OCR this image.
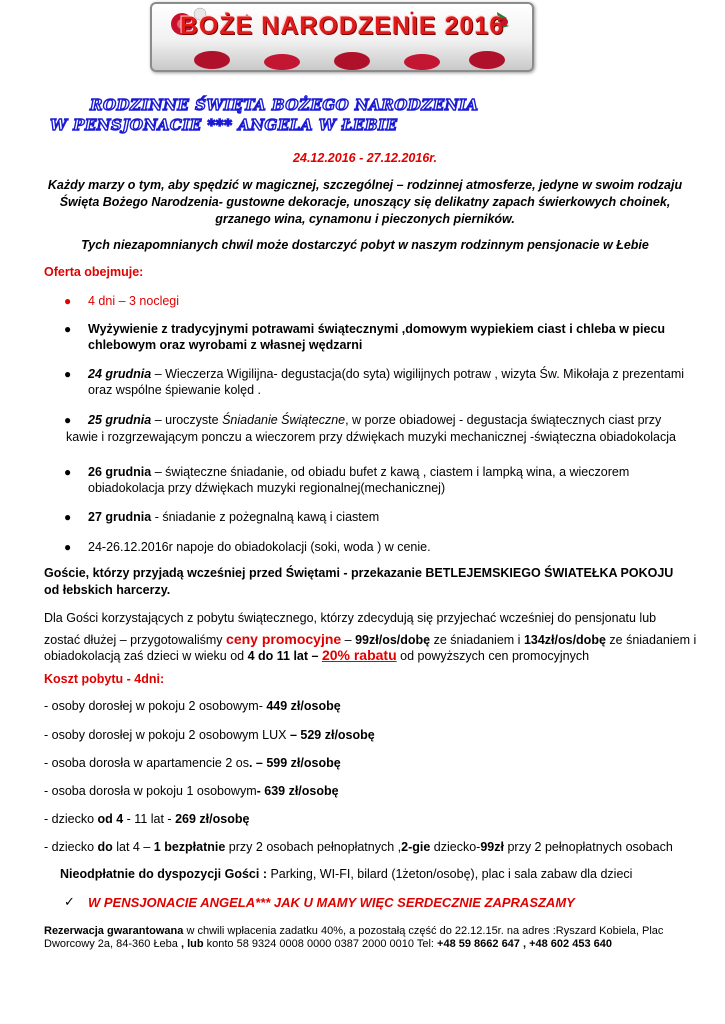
BOŻE NARODZENIE 2016
RODZINNE ŚWIĘTA BOŻEGO NARODZENIA
W PENSJONACIE *** ANGELA W ŁEBIE
24.12.2016 - 27.12.2016r.
Każdy marzy o tym, aby spędzić w magicznej, szczególnej – rodzinnej atmosferze, jedyne w swoim rodzaju
Święta Bożego Narodzenia- gustowne dekoracje, unoszący się delikatny zapach świerkowych choinek,
grzanego wina, cynamonu i pieczonych pierników.
Tych niezapomnianych chwil może dostarczyć pobyt w naszym rodzinnym pensjonacie w Łebie
Oferta obejmuje:
● 4 dni – 3 noclegi
● Wyżywienie z tradycyjnymi potrawami świątecznymi ,domowym wypiekiem ciast i chleba w piecu
chlebowym oraz wyrobami z własnej wędzarni
● 24 grudnia – Wieczerza Wigilijna- degustacja(do syta) wigilijnych potraw , wizyta Św. Mikołaja z prezentami
oraz wspólne śpiewanie kolęd .
● 25 grudnia – uroczyste Śniadanie Świąteczne, w porze obiadowej - degustacja świątecznych ciast przy
kawie i rozgrzewającym ponczu a wieczorem przy dźwiękach muzyki mechanicznej -świąteczna obiadokolacja
● 26 grudnia – świąteczne śniadanie, od obiadu bufet z kawą , ciastem i lampką wina, a wieczorem
obiadokolacja przy dźwiękach muzyki regionalnej(mechanicznej)
● 27 grudnia - śniadanie z pożegnalną kawą i ciastem
● 24-26.12.2016r napoje do obiadokolacji (soki, woda ) w cenie.
Goście, którzy przyjadą wcześniej przed Świętami - przekazanie BETLEJEMSKIEGO ŚWIATEŁKA POKOJU
od łebskich harcerzy.
Dla Gości korzystających z pobytu świątecznego, którzy zdecydują się przyjechać wcześniej do pensjonatu lub
zostać dłużej – przygotowaliśmy ceny promocyjne – 99zł/os/dobę ze śniadaniem i 134zł/os/dobę ze śniadaniem i
obiadokolacją zaś dzieci w wieku od 4 do 11 lat – 20% rabatu od powyższych cen promocyjnych
Koszt pobytu - 4dni:
- osoby dorosłej w pokoju 2 osobowym- 449 zł/osobę
- osoby dorosłej w pokoju 2 osobowym LUX – 529 zł/osobę
- osoba dorosła w apartamencie 2 os. – 599 zł/osobę
- osoba dorosła w pokoju 1 osobowym- 639 zł/osobę
- dziecko od 4 - 11 lat - 269 zł/osobę
- dziecko do lat 4 – 1 bezpłatnie przy 2 osobach pełnopłatnych ,2-gie dziecko-99zł przy 2 pełnopłatnych osobach
Nieodpłatnie do dyspozycji Gości : Parking, WI-FI, bilard (1żeton/osobę), plac i sala zabaw dla dzieci
✓ W PENSJONACIE ANGELA*** JAK U MAMY WIĘC SERDECZNIE ZAPRASZAMY
Rezerwacja gwarantowana w chwili wpłacenia zadatku 40%, a pozostałą część do 22.12.15r. na adres :Ryszard Kobiela, Plac
Dworcowy 2a, 84-360 Łeba , lub konto 58 9324 0008 0000 0387 2000 0010 Tel: +48 59 8662 647 , +48 602 453 640
